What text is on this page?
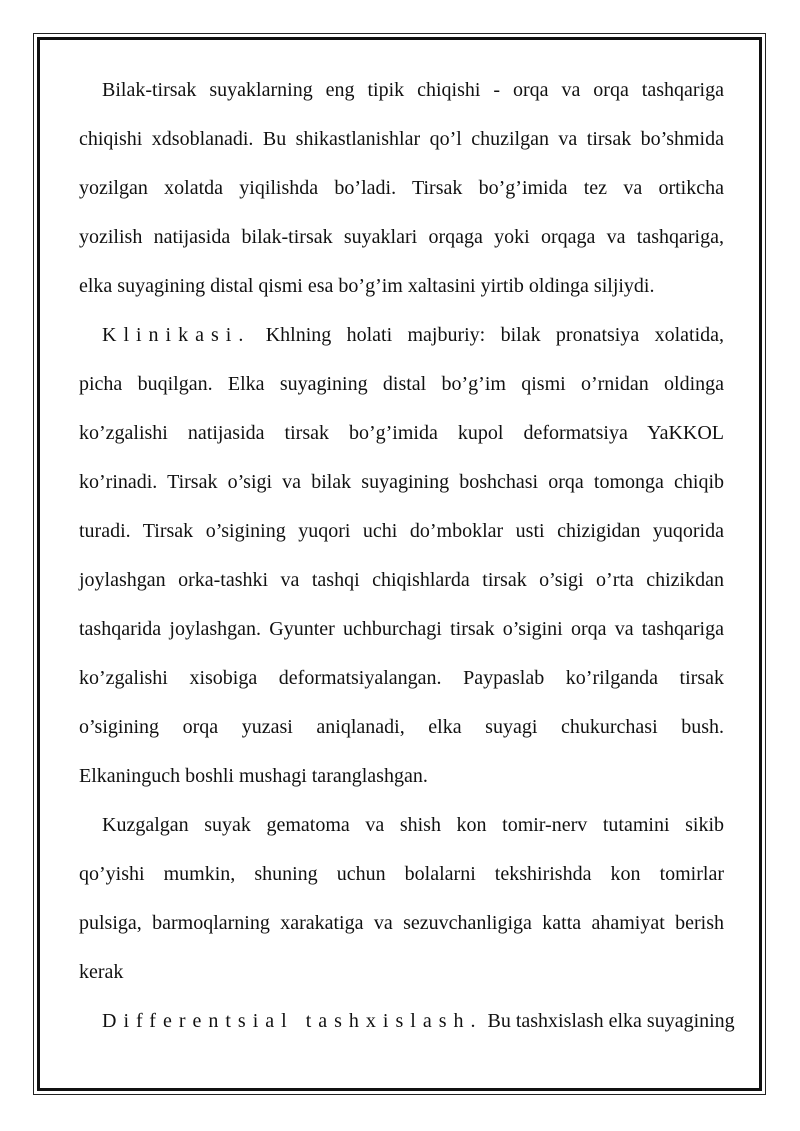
Bilak-tirsak suyaklarning eng tipik chiqishi - orqa va orqa tashqariga
chiqishi xdsoblanadi. Bu shikastlanishlar qo’l chuzilgan va tirsak bo’shmida
yozilgan xolatda yiqilishda bo’ladi. Tirsak bo’g’imida tez va ortikcha
yozilish natijasida bilak-tirsak suyaklari orqaga yoki orqaga va tashqariga,
elka suyagining distal qismi esa bo’g’im xaltasini yirtib oldinga siljiydi.

Klinikasi. Khlning holati majburiy: bilak pronatsiya xolatida,
picha buqilgan. Elka suyagining distal bo’g’im qismi o’rnidan oldinga
ko’zgalishi natijasida tirsak bo’g’imida kupol deformatsiya YaKKOL
ko’rinadi. Tirsak o’sigi va bilak suyagining boshchasi orqa tomonga chiqib
turadi. Tirsak o’sigining yuqori uchi do’mboklar usti chizigidan yuqorida
joylashgan orka-tashki va tashqi chiqishlarda tirsak o’sigi o’rta chizikdan
tashqarida joylashgan. Gyunter uchburchagi tirsak o’sigini orqa va tashqariga
ko’zgalishi xisobiga deformatsiyalangan. Paypaslab ko’rilganda tirsak
o’sigining orqa yuzasi aniqlanadi, elka suyagi chukurchasi bush.
Elkaninguch boshli mushagi taranglashgan.

Kuzgalgan suyak gematoma va shish kon tomir-nerv tutamini sikib
qo’yishi mumkin, shuning uchun bolalarni tekshirishda kon tomirlar
pulsiga, barmoqlarning xarakatiga va sezuvchanligiga katta ahamiyat berish
kerak

Differentsial tashxislash. Bu tashxislash elka suyagining
